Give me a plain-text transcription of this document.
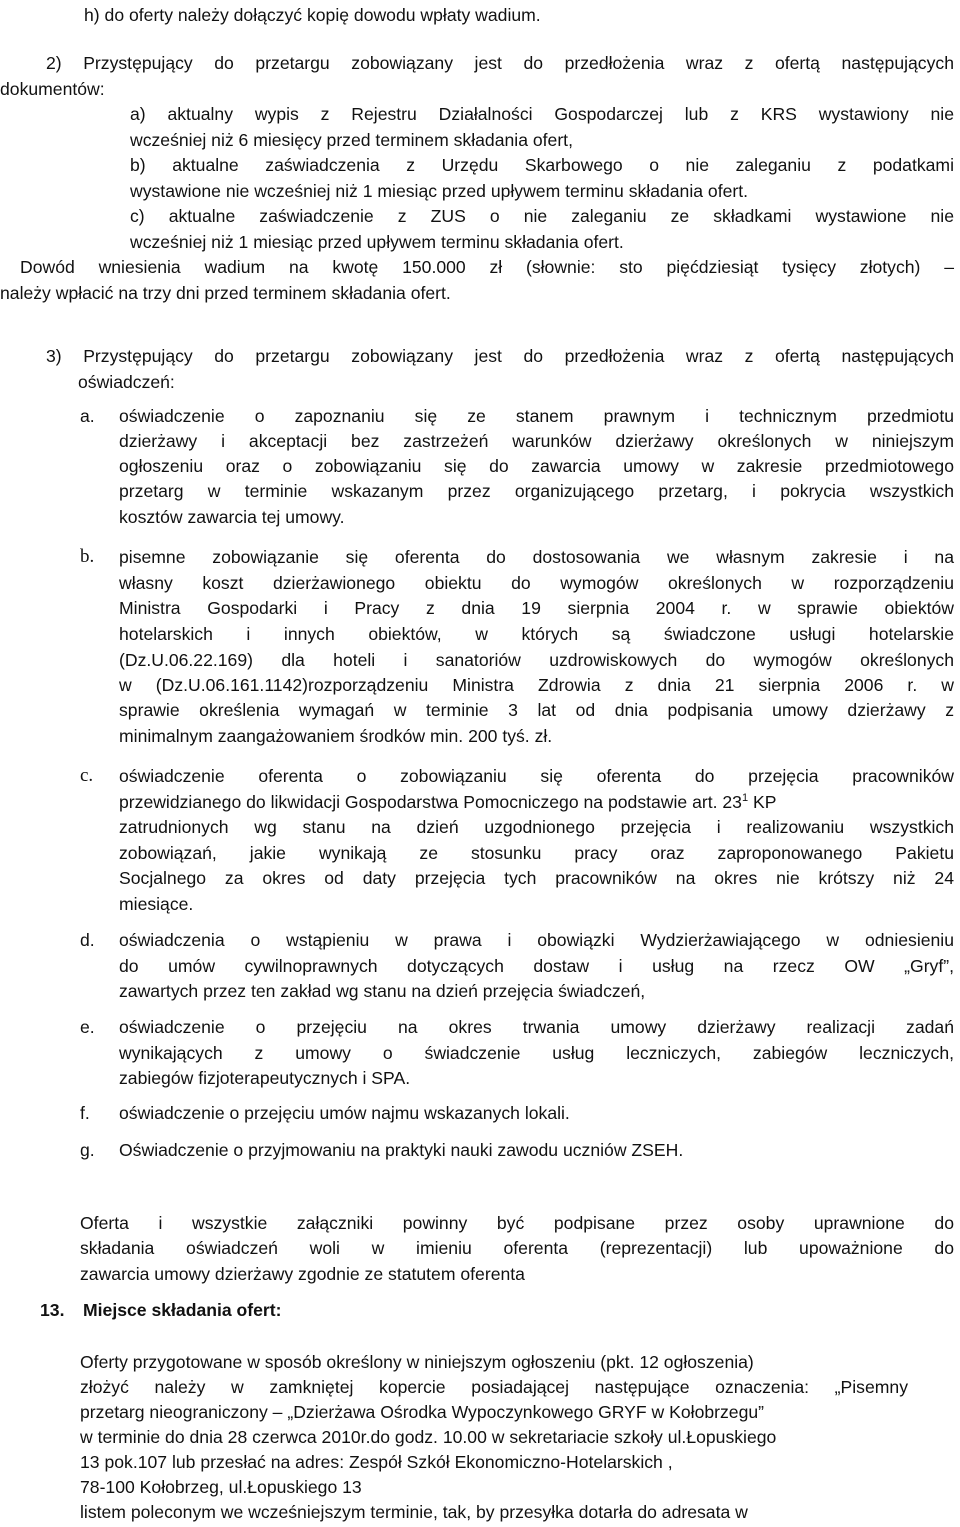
h) do oferty należy dołączyć kopię dowodu wpłaty wadium.
2) Przystępujący do przetargu zobowiązany jest do przedłożenia wraz z ofertą następujących
dokumentów:
a) aktualny wypis z Rejestru Działalności Gospodarczej lub z KRS wystawiony nie
wcześniej niż 6 miesięcy przed terminem składania ofert,
b) aktualne zaświadczenia z Urzędu Skarbowego o nie zaleganiu z podatkami
wystawione nie wcześniej niż 1 miesiąc przed upływem terminu składania ofert.
c) aktualne zaświadczenie z ZUS o nie zaleganiu ze składkami wystawione nie
wcześniej niż 1 miesiąc przed upływem terminu składania ofert.
Dowód wniesienia wadium na kwotę 150.000 zł (słownie: sto pięćdziesiąt tysięcy złotych) –
należy wpłacić na trzy dni przed terminem składania ofert.
3) Przystępujący do przetargu zobowiązany jest do przedłożenia wraz z ofertą następujących
oświadczeń:
a. oświadczenie o zapoznaniu się ze stanem prawnym i technicznym przedmiotu
dzierżawy i akceptacji bez zastrzeżeń warunków dzierżawy określonych w niniejszym
ogłoszeniu oraz o zobowiązaniu się do zawarcia umowy w zakresie przedmiotowego
przetarg w terminie wskazanym przez organizującego przetarg, i pokrycia wszystkich
kosztów zawarcia tej umowy.
b. pisemne zobowiązanie się oferenta do dostosowania we własnym zakresie i na
własny koszt dzierżawionego obiektu do wymogów określonych w rozporządzeniu
Ministra Gospodarki i Pracy z dnia 19 sierpnia 2004 r. w sprawie obiektów
hotelarskich i innych obiektów, w których są świadczone usługi hotelarskie
(Dz.U.06.22.169) dla hoteli i sanatoriów uzdrowiskowych do wymogów określonych
w (Dz.U.06.161.1142)rozporządzeniu Ministra Zdrowia z dnia 21 sierpnia 2006 r. w
sprawie określenia wymagań w terminie 3 lat od dnia podpisania umowy dzierżawy z
minimalnym zaangażowaniem środków min. 200 tyś. zł.
c. oświadczenie oferenta o zobowiązaniu się oferenta do przejęcia pracowników
przewidzianego do likwidacji Gospodarstwa Pomocniczego na podstawie art. $23^1$ KP
zatrudnionych wg stanu na dzień uzgodnionego przejęcia i realizowaniu wszystkich
zobowiązań, jakie wynikają ze stosunku pracy oraz zaproponowanego Pakietu
Socjalnego za okres od daty przejęcia tych pracowników na okres nie krótszy niż 24
miesiące.
d. oświadczenia o wstąpieniu w prawa i obowiązki Wydzierżawiającego w odniesieniu
do umów cywilnoprawnych dotyczących dostaw i usług na rzecz OW „Gryf”,
zawartych przez ten zakład wg stanu na dzień przejęcia świadczeń,
e. oświadczenie o przejęciu na okres trwania umowy dzierżawy realizacji zadań
wynikających z umowy o świadczenie usług leczniczych, zabiegów leczniczych,
zabiegów fizjoterapeutycznych i SPA.
f. oświadczenie o przejęciu umów najmu wskazanych lokali.
g. Oświadczenie o przyjmowaniu na praktyki nauki zawodu uczniów ZSEH.
Oferta i wszystkie załączniki powinny być podpisane przez osoby uprawnione do
składania oświadczeń woli w imieniu oferenta (reprezentacji) lub upoważnione do
zawarcia umowy dzierżawy zgodnie ze statutem oferenta
13. Miejsce składania ofert:
Oferty przygotowane w sposób określony w niniejszym ogłoszeniu (pkt. 12 ogłoszenia)
złożyć należy w zamkniętej kopercie posiadającej następujące oznaczenia: „Pisemny
przetarg nieograniczony – „Dzierżawa Ośrodka Wypoczynkowego GRYF w Kołobrzegu”
w terminie do dnia 28 czerwca 2010r.do godz. 10.00 w sekretariacie szkoły ul.Łopuskiego
13 pok.107 lub przesłać na adres: Zespół Szkół Ekonomiczno-Hotelarskich ,
78-100 Kołobrzeg, ul.Łopuskiego 13
listem poleconym we wcześniejszym terminie, tak, by przesyłka dotarła do adresata w
